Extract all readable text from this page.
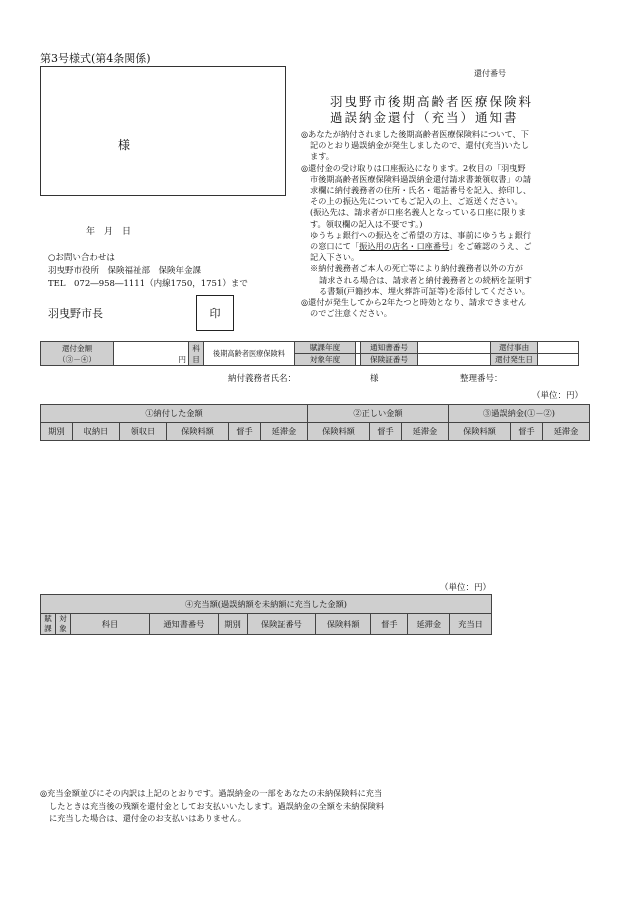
第3号様式(第4条関係)
様
年　月　日
○お問い合わせは
羽曳野市役所　保険福祉部　保険年金課
TEL　072―958―1111（内線1750，1751）まで
羽曳野市長	印
還付番号
羽曳野市後期高齢者医療保険料
過誤納金還付（充当）通知書

◎あなたが納付されました後期高齢者医療保険料について、下

記のとおり過誤納金が発生しましたので、還付(充当)いたし

ます。

◎還付金の受け取りは口座振込になります。2枚目の「羽曳野

市後期高齢者医療保険料過誤納金還付請求書兼領収書」の請

求欄に納付義務者の住所・氏名・電話番号を記入、捺印し、

その上の振込先についてもご記入の上、ご返送ください。

(振込先は、請求者が口座名義人となっている口座に限りま

す。領収欄の記入は不要です。)

ゆうちょ銀行への振込をご希望の方は、事前にゆうちょ銀行

の窓口にて「振込用の店名・口座番号」をご確認のうえ、ご

記入下さい。

※納付義務者ご本人の死亡等により納付義務者以外の方が

請求される場合は、請求者と納付義務者との続柄を証明す

る書類(戸籍抄本、埋火葬許可証等)を添付してください。

◎還付が発生してから2年たつと時効となり、請求できません

のでご注意ください。

還付金額
（③－④）	円	科目	後期高齢者医療保険料	賦課年度		通知書番号		還付事由	
				対象年度		保険証番号		還付発生日	
納付義務者氏名：	様	整理番号：
（単位：円）
①納付した金額						②正しい金額			③過誤納金(①－②)		
期別	収納日	領収日	保険料額	督手	延滞金	保険料額	督手	延滞金	保険料額	督手	延滞金
（単位：円）
④充当額(過誤納額を未納額に充当した金額)
賦課	対象	科目	通知書番号	期別	保険証番号	保険料額	督手	延滞金	充当日

◎充当金額並びにその内訳は上記のとおりです。過誤納金の一部をあなたの未納保険料に充当

したときは充当後の残額を還付金としてお支払いいたします。過誤納金の全額を未納保険料

に充当した場合は、還付金のお支払いはありません。
